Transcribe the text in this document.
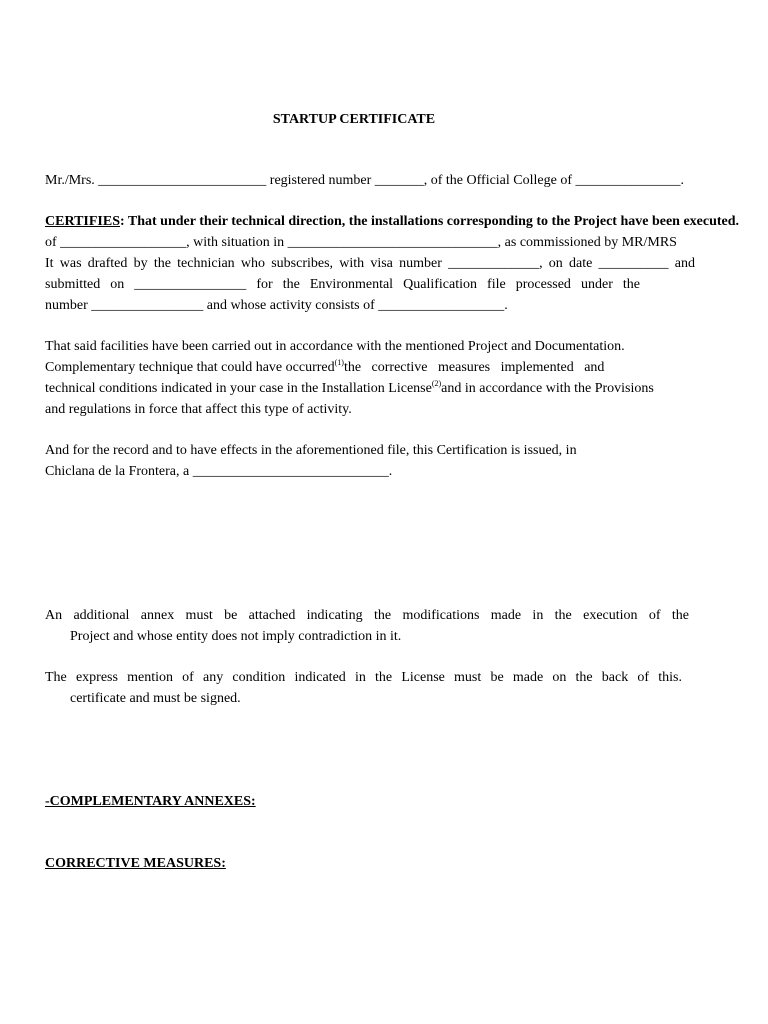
STARTUP CERTIFICATE
Mr./Mrs. ________________________ registered number _______, of the Official College of _______________.
CERTIFIES: That under their technical direction, the installations corresponding to the Project have been executed.
of __________________, with situation in ______________________________, as commissioned by MR/MRS
It was drafted by the technician who subscribes, with visa number _____________, on date __________ and
submitted on ________________ for the Environmental Qualification file processed under the
number ________________ and whose activity consists of __________________.
That said facilities have been carried out in accordance with the mentioned Project and Documentation.
Complementary technique that could have occurred$^{(1)}$the   corrective   measures   implemented   and
technical conditions indicated in your case in the Installation License$^{(2)}$and in accordance with the Provisions
and regulations in force that affect this type of activity.
And for the record and to have effects in the aforementioned file, this Certification is issued, in
Chiclana de la Frontera, a ____________________________.
An additional annex must be attached indicating the modifications made in the execution of the
Project and whose entity does not imply contradiction in it.
The express mention of any condition indicated in the License must be made on the back of this.
certificate and must be signed.
-COMPLEMENTARY ANNEXES:
CORRECTIVE MEASURES:
